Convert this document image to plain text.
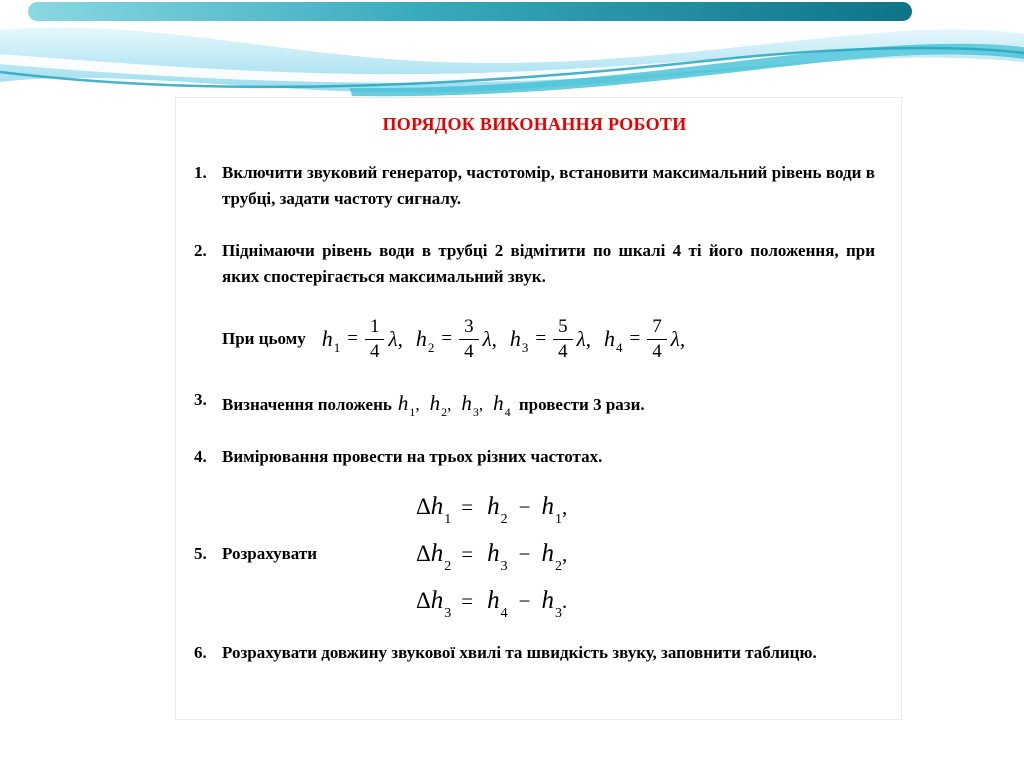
ПОРЯДОК ВИКОНАННЯ РОБОТИ
1. Включити звуковий генератор, частотомір, встановити максимальний рівень води в трубці, задати частоту сигналу.
2. Піднімаючи рівень води в трубці 2 відмітити по шкалі 4 ті його положення, при яких спостерігається максимальний звук.
При цьому h $1 = \frac{1}{4} \lambda$, h $2 = \frac{3}{4} \lambda$, h $3 = \frac{5}{4} \lambda$, h $4 = \frac{7}{4} \lambda$,
3. Визначення положень h 1 , h 2 , h 3 , h 4 провести 3 рази.
4. Вимірювання провести на трьох різних частотах.
5. Розрахувати
Δ h 1
= h 2
− h 1
,
Δ h 2
= h 3
− h 2
,
Δ h 3
= h 4
− h 3
.
6. Розрахувати довжину звукової хвилі та швидкість звуку, заповнити таблицю.
